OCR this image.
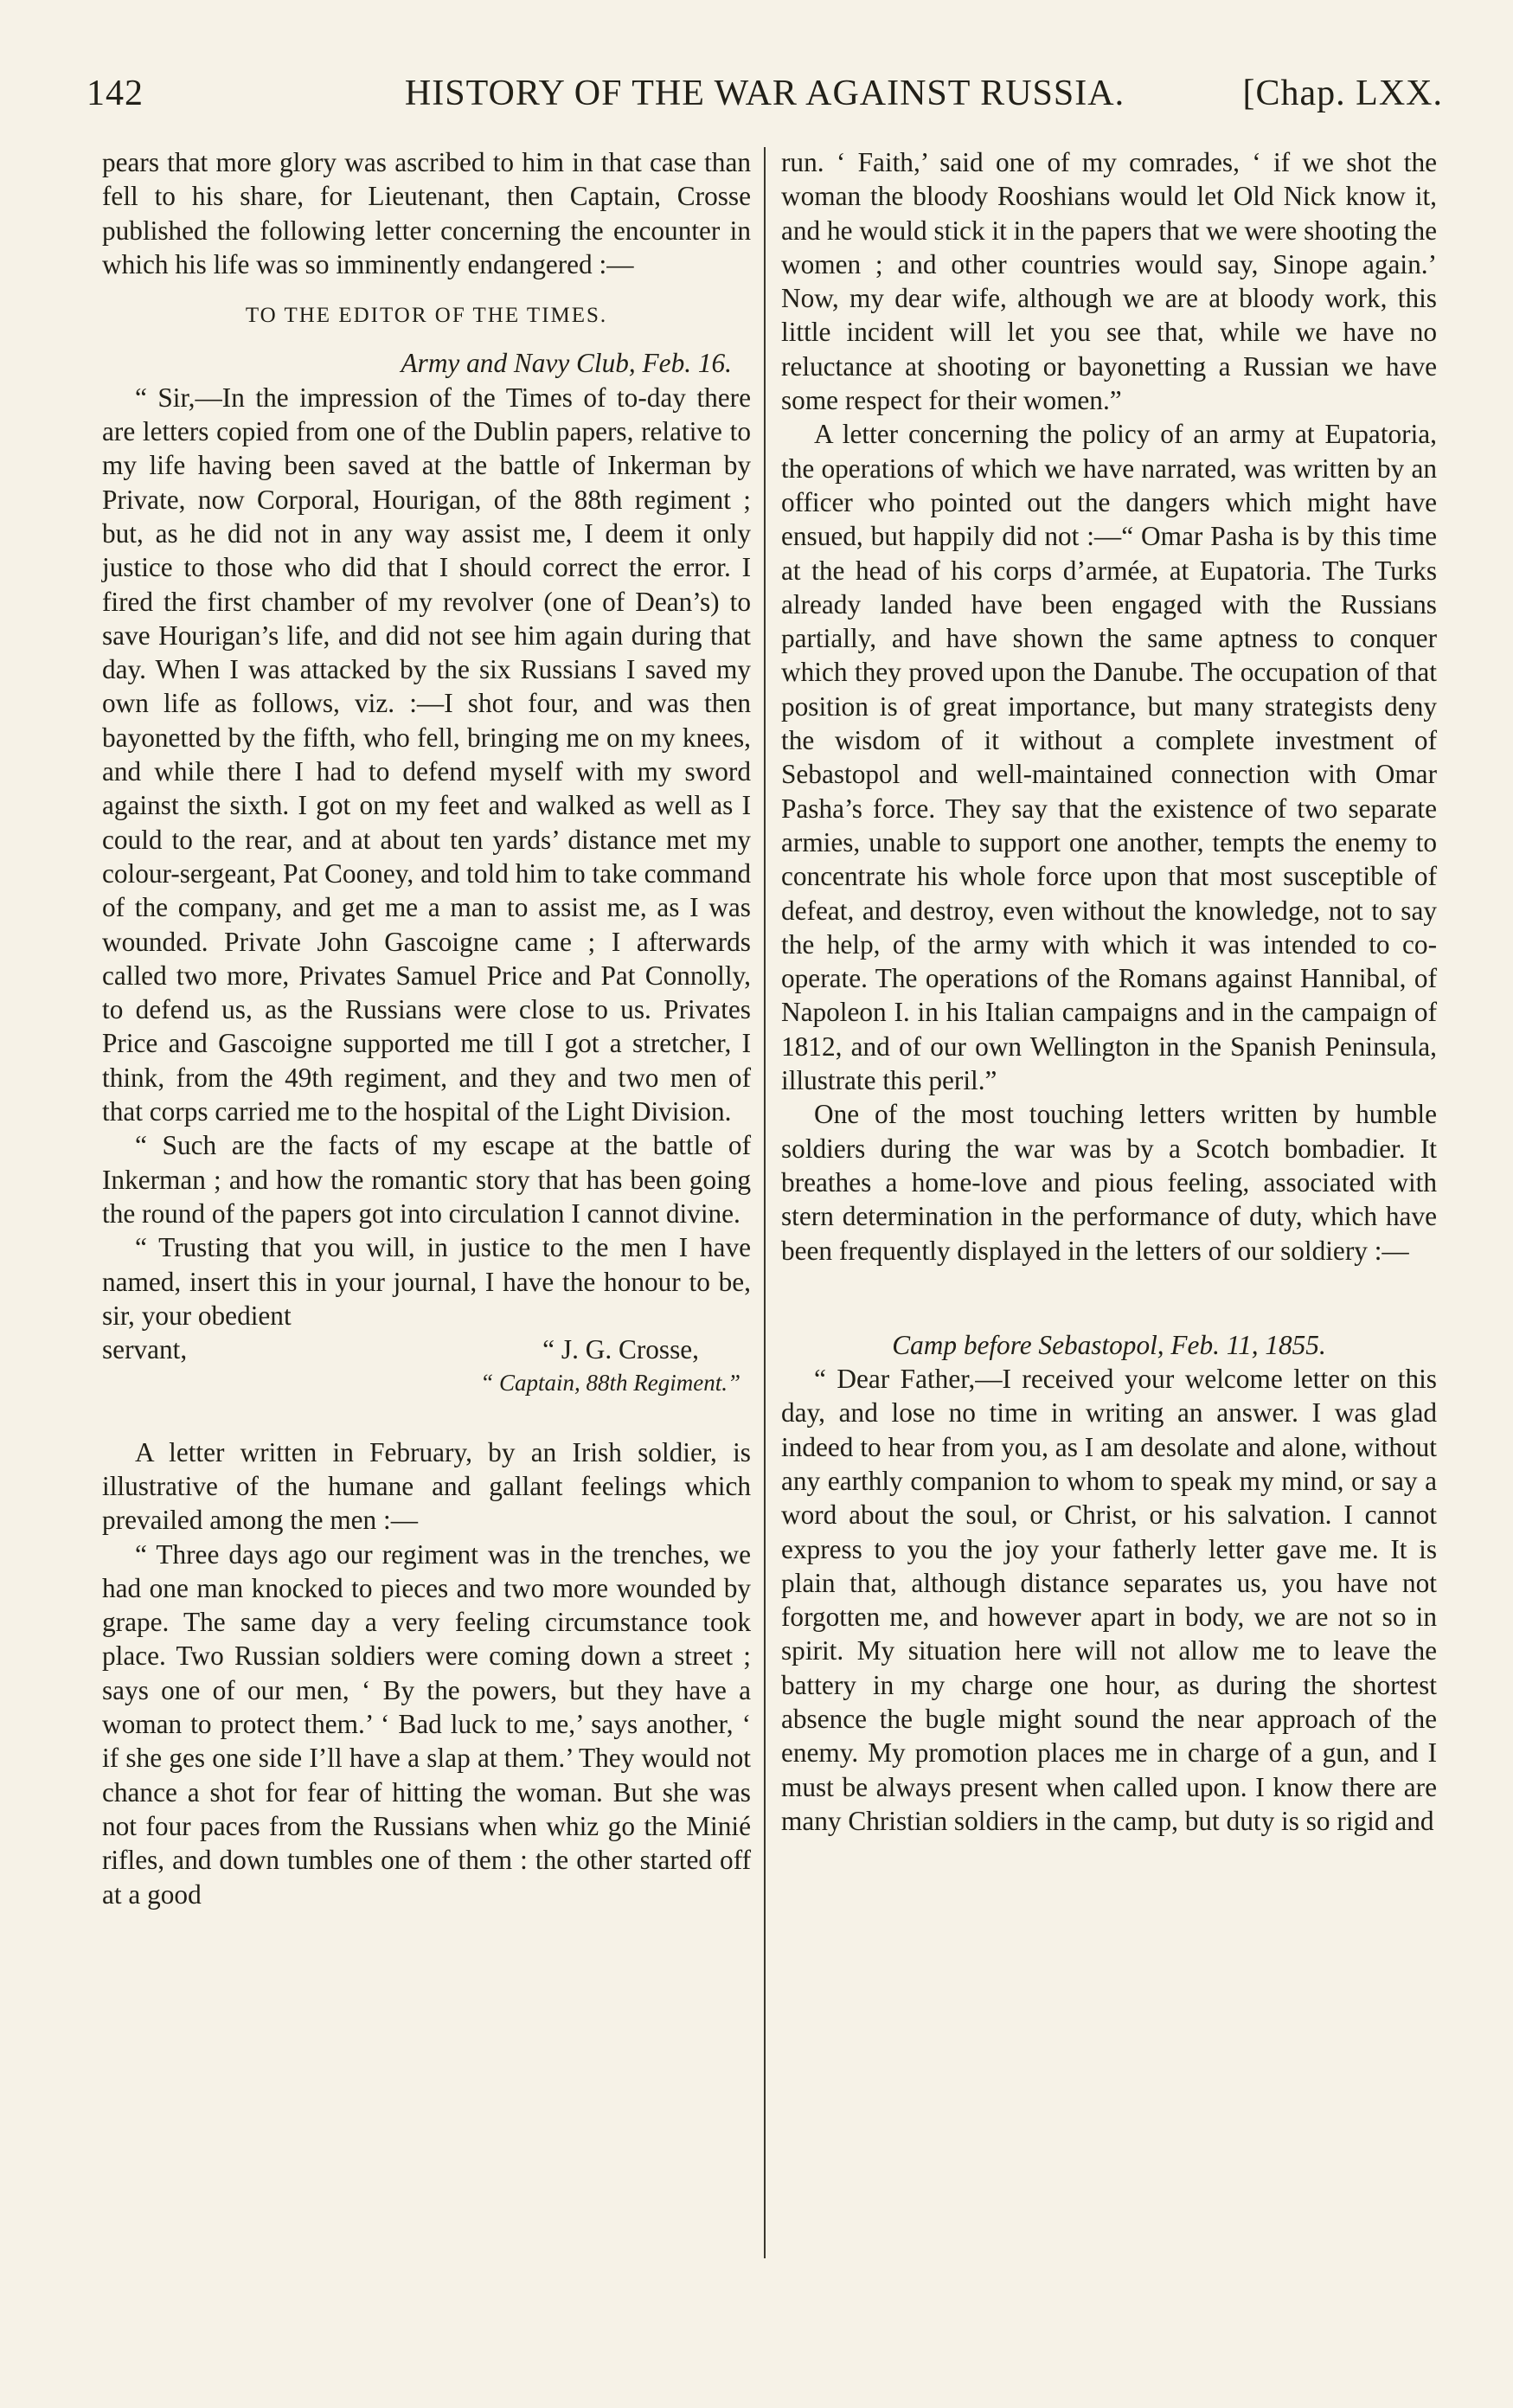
142	HISTORY OF THE WAR AGAINST RUSSIA.	[Chap. LXX.

pears that more glory was ascribed to him in that case than fell to his share, for Lieutenant, then Captain, Crosse published the following letter concerning the encounter in which his life was so imminently endangered :—

TO THE EDITOR OF THE TIMES.

Army and Navy Club, Feb. 16.

“ Sir,—In the impression of the Times of to-day there are letters copied from one of the Dublin papers, relative to my life having been saved at the battle of Inkerman by Private, now Corporal, Hourigan, of the 88th regiment ; but, as he did not in any way assist me, I deem it only justice to those who did that I should correct the error. I fired the first chamber of my revolver (one of Dean’s) to save Hourigan’s life, and did not see him again during that day. When I was attacked by the six Russians I saved my own life as follows, viz. :—I shot four, and was then bayonetted by the fifth, who fell, bringing me on my knees, and while there I had to defend myself with my sword against the sixth. I got on my feet and walked as well as I could to the rear, and at about ten yards’ distance met my colour-sergeant, Pat Cooney, and told him to take command of the company, and get me a man to assist me, as I was wounded. Private John Gascoigne came ; I afterwards called two more, Privates Samuel Price and Pat Connolly, to defend us, as the Russians were close to us. Privates Price and Gascoigne supported me till I got a stretcher, I think, from the 49th regiment, and they and two men of that corps carried me to the hospital of the Light Division.

“ Such are the facts of my escape at the battle of Inkerman ; and how the romantic story that has been going the round of the papers got into circulation I cannot divine.

“ Trusting that you will, in justice to the men I have named, insert this in your journal, I have the honour to be, sir, your obedient

servant,	“ J. G. Crosse,

“ Captain, 88th Regiment.”

A letter written in February, by an Irish soldier, is illustrative of the humane and gallant feelings which prevailed among the men :—

“ Three days ago our regiment was in the trenches, we had one man knocked to pieces and two more wounded by grape. The same day a very feeling circumstance took place. Two Russian soldiers were coming down a street ; says one of our men, ‘ By the powers, but they have a woman to protect them.’ ‘ Bad luck to me,’ says another, ‘ if she ges one side I’ll have a slap at them.’ They would not chance a shot for fear of hitting the woman. But she was not four paces from the Russians when whiz go the Minié rifles, and down tumbles one of them : the other started off at a good

run. ‘ Faith,’ said one of my comrades, ‘ if we shot the woman the bloody Rooshians would let Old Nick know it, and he would stick it in the papers that we were shooting the women ; and other countries would say, Sinope again.’ Now, my dear wife, although we are at bloody work, this little incident will let you see that, while we have no reluctance at shooting or bayonetting a Russian we have some respect for their women.”

A letter concerning the policy of an army at Eupatoria, the operations of which we have narrated, was written by an officer who pointed out the dangers which might have ensued, but happily did not :—“ Omar Pasha is by this time at the head of his corps d’armée, at Eupatoria. The Turks already landed have been engaged with the Russians partially, and have shown the same aptness to conquer which they proved upon the Danube. The occupation of that position is of great importance, but many strategists deny the wisdom of it without a complete investment of Sebastopol and well-maintained connection with Omar Pasha’s force. They say that the existence of two separate armies, unable to support one another, tempts the enemy to concentrate his whole force upon that most susceptible of defeat, and destroy, even without the knowledge, not to say the help, of the army with which it was intended to co-operate. The operations of the Romans against Hannibal, of Napoleon I. in his Italian campaigns and in the campaign of 1812, and of our own Wellington in the Spanish Peninsula, illustrate this peril.”

One of the most touching letters written by humble soldiers during the war was by a Scotch bombadier. It breathes a home-love and pious feeling, associated with stern determination in the performance of duty, which have been frequently displayed in the letters of our soldiery :—

Camp before Sebastopol, Feb. 11, 1855.

“ Dear Father,—I received your welcome letter on this day, and lose no time in writing an answer. I was glad indeed to hear from you, as I am desolate and alone, without any earthly companion to whom to speak my mind, or say a word about the soul, or Christ, or his salvation. I cannot express to you the joy your fatherly letter gave me. It is plain that, although distance separates us, you have not forgotten me, and however apart in body, we are not so in spirit. My situation here will not allow me to leave the battery in my charge one hour, as during the shortest absence the bugle might sound the near approach of the enemy. My promotion places me in charge of a gun, and I must be always present when called upon. I know there are many Christian soldiers in the camp, but duty is so rigid and
